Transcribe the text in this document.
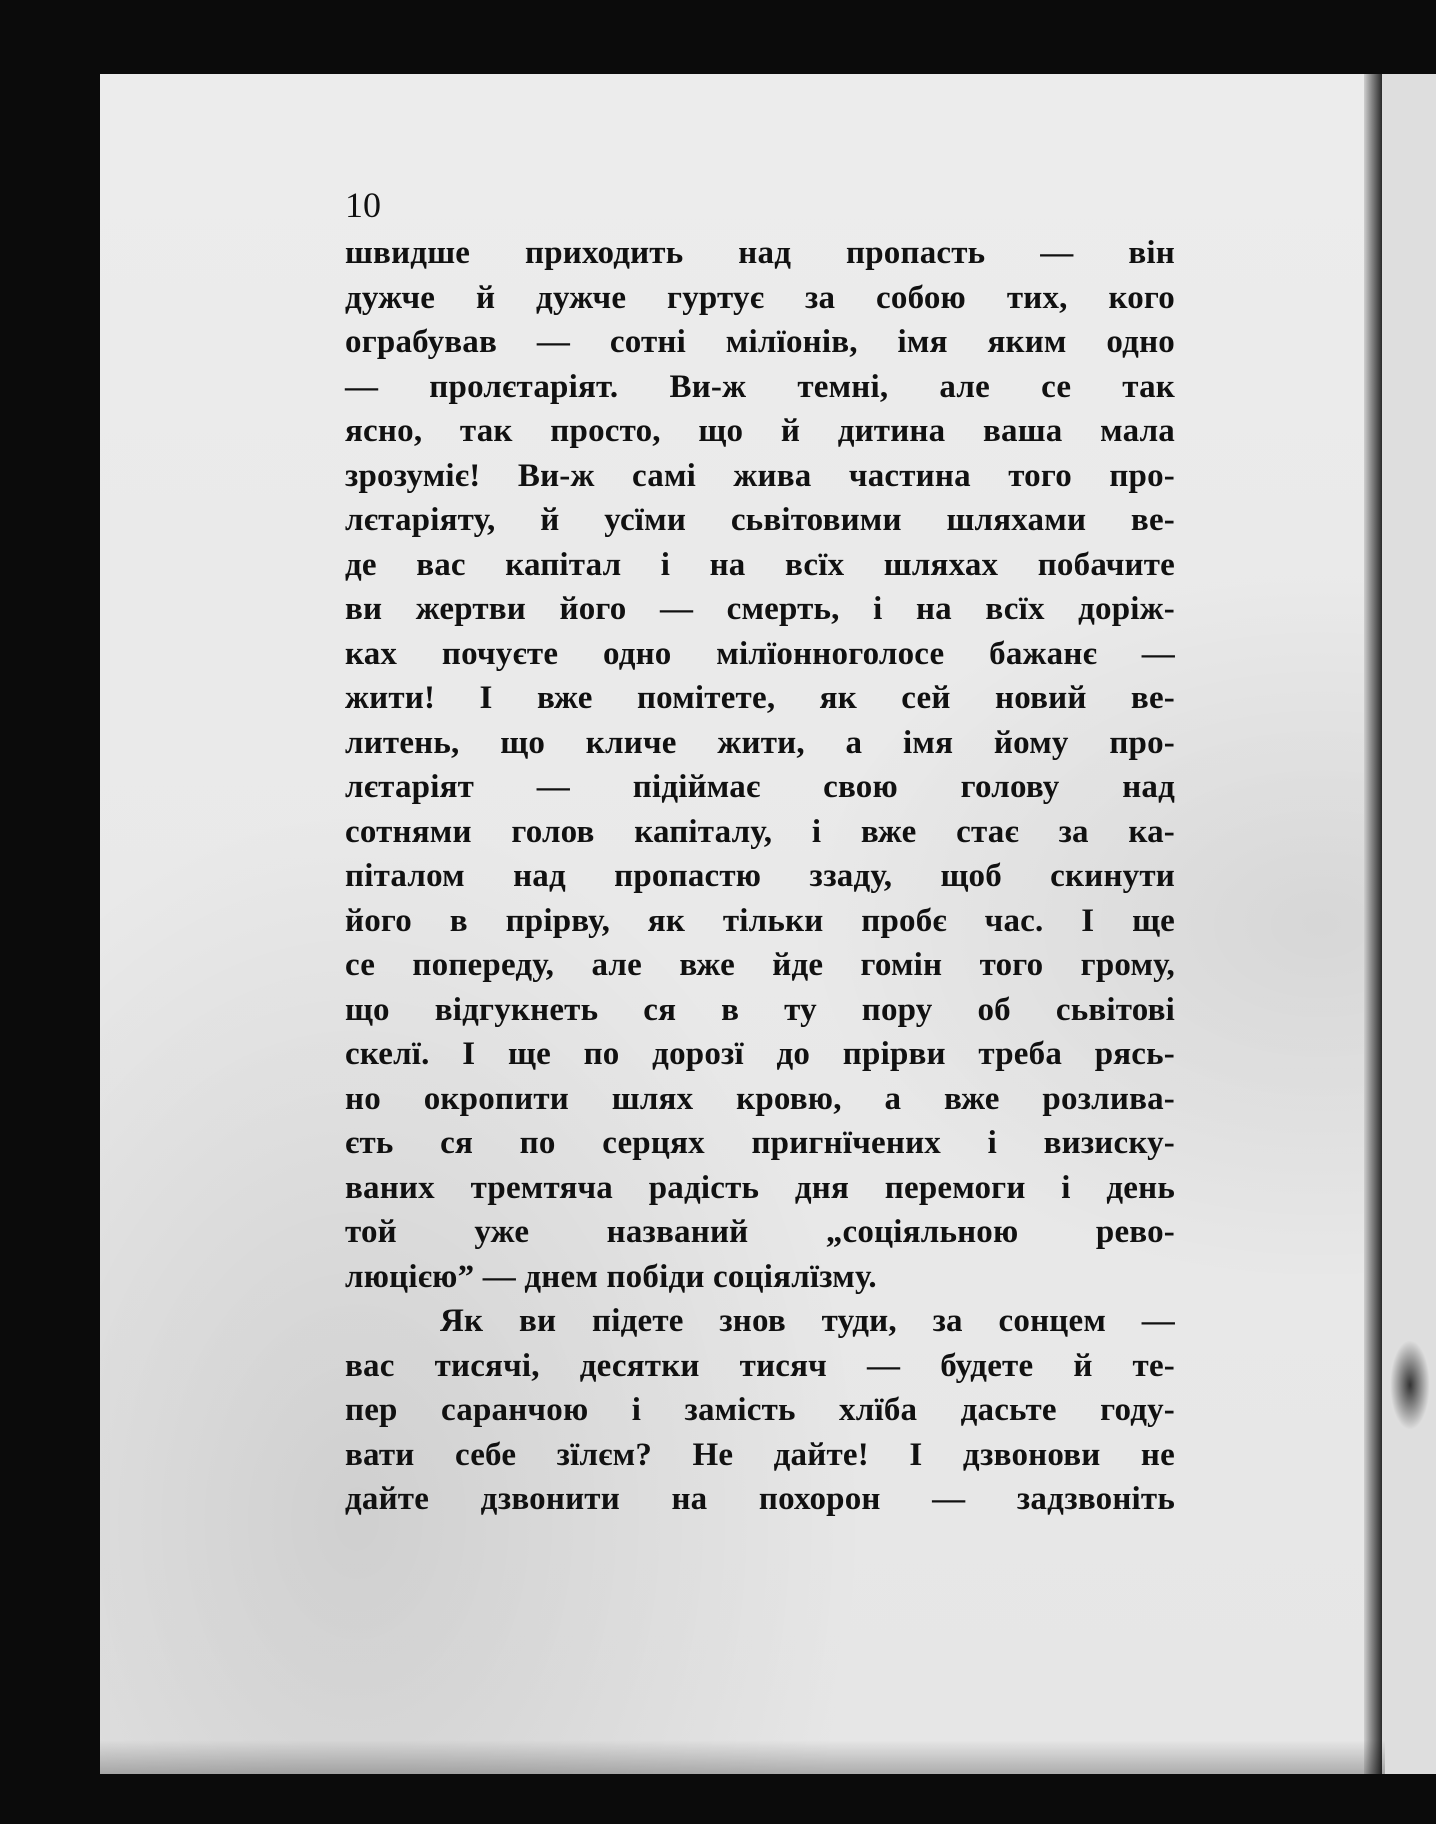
10
швидше приходить над пропасть — він
дужче й дужче гуртує за собою тих, кого
ограбував — сотні мілїонів, імя яким одно
— пролєтаріят. Ви-ж темні, але се так
ясно, так просто, що й дитина ваша мала
зрозуміє! Ви-ж самі жива частина того про-
лєтаріяту, й усїми сьвітовими шляхами ве-
де вас капітал і на всїх шляхах побачите
ви жертви його — смерть, і на всїх доріж-
ках почуєте одно мілїонноголосе бажанє —
жити! І вже помітете, як сей новий ве-
литень, що кличе жити, а імя йому про-
лєтаріят — підіймає свою голову над
сотнями голов капіталу, і вже стає за ка-
піталом над пропастю ззаду, щоб скинути
його в прірву, як тільки пробє час. І ще
се попереду, але вже йде гомін того грому,
що відгукнеть ся в ту пору об сьвітові
скелї. І ще по дорозї до прірви треба рясь-
но окропити шлях кровю, а вже розлива-
єть ся по серцях пригнїчених і визиску-
ваних тремтяча радість дня перемоги і день
той уже названий „соціяльною рево-
люцією” — днем побіди соціялїзму.
Як ви підете знов туди, за сонцем —
вас тисячі, десятки тисяч — будете й те-
пер саранчою і замість хлїба дасьте году-
вати себе зїлєм? Не дайте! І дзвонови не
дайте дзвонити на похорон — задзвоніть
